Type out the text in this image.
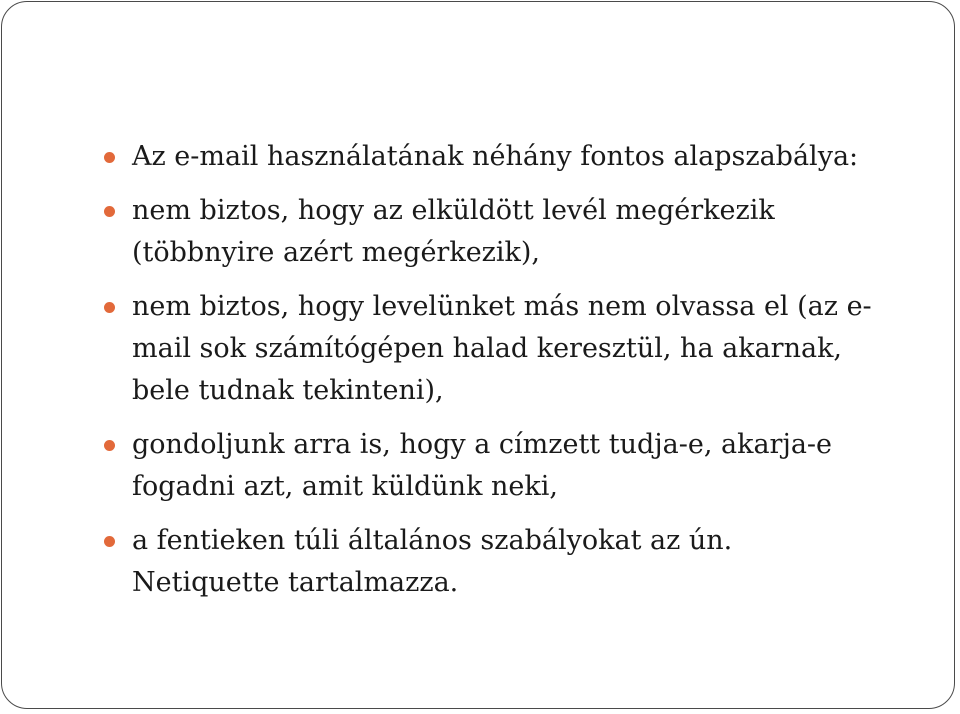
Az e-mail használatának néhány fontos alapszabálya:
nem biztos, hogy az elküldött levél megérkezik (többnyire azért megérkezik),
nem biztos, hogy levelünket más nem olvassa el (az e-mail sok számítógépen halad keresztül, ha akarnak, bele tudnak tekinteni),
gondoljunk arra is, hogy a címzett tudja-e, akarja-e fogadni azt, amit küldünk neki,
a fentieken túli általános szabályokat az ún. Netiquette tartalmazza.
